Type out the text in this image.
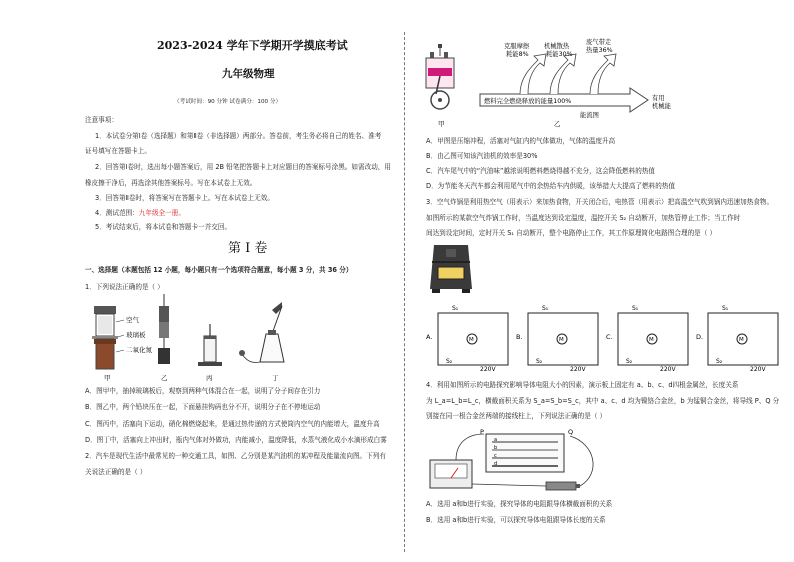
2023-2024 学年下学期开学摸底考试
九年级物理
（考试时间：90 分钟 试卷满分：100 分）
注意事项：
1．本试卷分第Ⅰ卷（选择题）和第Ⅱ卷（非选择题）两部分。答卷前，考生务必将自己的姓名、准考
证号填写在答题卡上。
2．回答第Ⅰ卷时，选出每小题答案后，用 2B 铅笔把答题卡上对应题目的答案标号涂黑。如需改动，用
橡皮擦干净后，再选涂其他答案标号。写在本试卷上无效。
3．回答第Ⅱ卷时，将答案写在答题卡上。写在本试卷上无效。
4．测试范围：九年级全一册。
5．考试结束后，将本试卷和答题卡一并交回。
第 Ⅰ 卷
一、选择题（本题包括 12 小题，每小题只有一个选项符合题意，每小题 3 分，共 36 分）
1．下列说法正确的是（ ）
空气
玻璃板
二氧化氮
甲	乙	丙	丁
A．图甲中，抽掉玻璃板后，观察到两种气体混合在一起，说明了分子间存在引力
B．图乙中，两个铅块压在一起，下面悬挂钩码也分不开，说明分子在不停地运动
C．图丙中，活塞向下运动，硝化棉燃烧起来，是通过热传递的方式使筒内空气的内能增大，温度升高
D．图丁中，活塞向上冲出时，瓶内气体对外做功，内能减小，温度降低，水蒸气液化成小水滴形成白雾
2．汽车是现代生活中最常见的一种交通工具，如图、乙分别是某汽油机的某冲程及能量流向图。下列有
关说法正确的是（ ）
甲
克服摩擦
耗能8%
机械散热
耗能30%
废气带走
热量36%
燃料完全燃烧释放的能量100%	有用
机械能
能流图
乙
A．甲图是压缩冲程，活塞对气缸内的气体做功，气体的温度升高
B．由乙图可知该汽油机的效率是30%
C．汽车尾气中的“汽油味”越浓说明燃料燃烧得越不充分，这会降低燃料的热值
D．为节能冬天汽车都会利用尾气中的余热给车内供暖，该举措大大提高了燃料的热值
3．空气炸锅是利用热空气（用表示）来加热食物，开关闭合后，电热管（用表示）把高温空气吹到锅内迅速加热食物。
如图所示的某款空气炸锅工作时，当温度达到设定温度，温控开关 S₂ 自动断开，加热管停止工作；当工作时
间达到设定时间，定时开关 S₁ 自动断开，整个电路停止工作，其工作原理简化电路图合理的是（ ）
A.	M
S₁
S₂
220V
B.	M
S₁
S₂
220V
C.	M
S₁
S₂
220V
D.	M
S₁
S₂
220V
4．利用如图所示的电路探究影响导体电阻大小的因素，演示板上固定有 a、b、c、d四根金属丝，长度关系
为 L_a=L_b=L_c，横截面积关系为 S_a=S_b=S_c，其中 a、c、d 均为镍铬合金丝，b 为锰铜合金丝，将导线 P、Q 分
别接在同一根合金丝两端的接线柱上，下列说法正确的是（ ）
P	Q
a
b
c
d
A．选用 a和b进行实验，探究导体的电阻跟导体横截面积的关系
B．选用 a和b进行实验，可以探究导体电阻跟导体长度的关系
